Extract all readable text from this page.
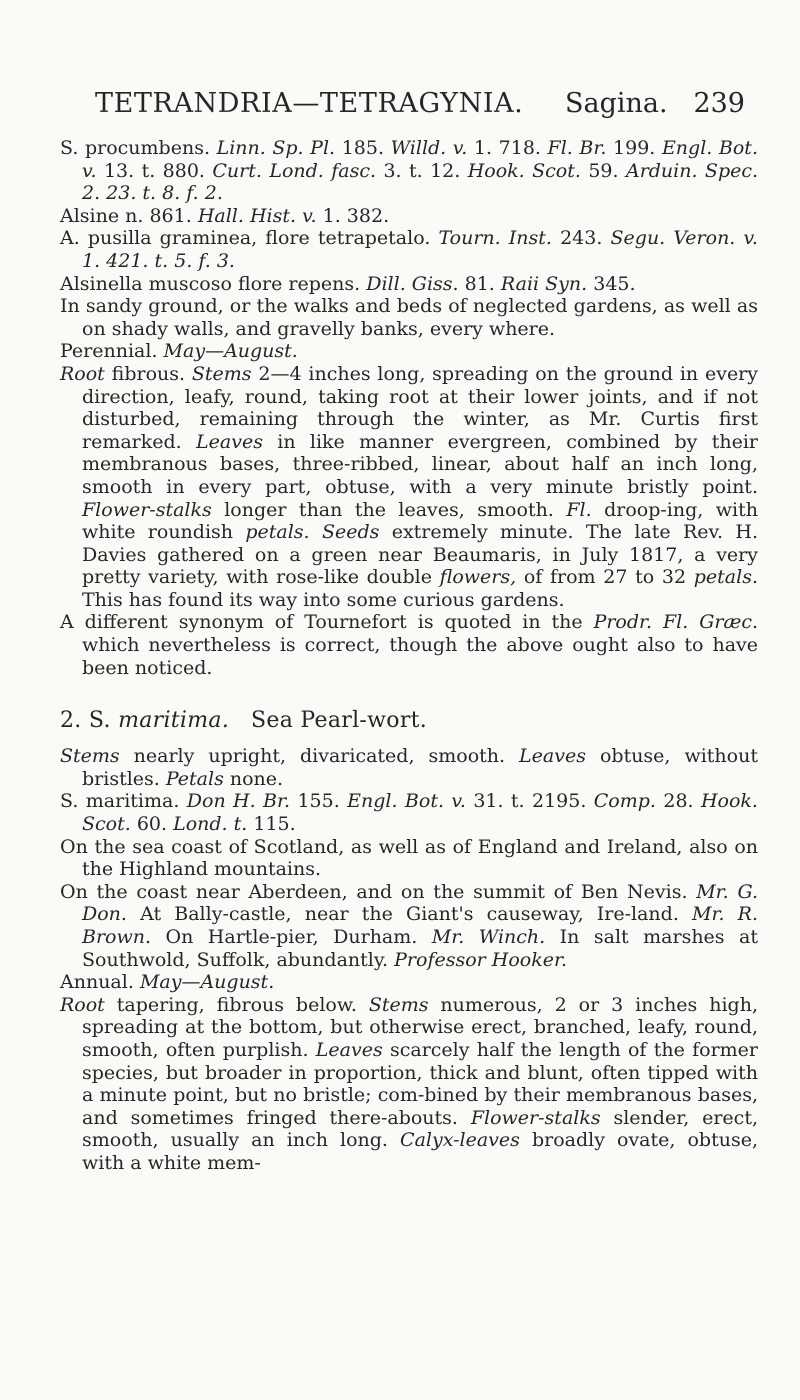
TETRANDRIA—TETRAGYNIA. Sagina. 239

S. procumbens. Linn. Sp. Pl. 185. Willd. v. 1. 718. Fl. Br. 199. Engl. Bot. v. 13. t. 880. Curt. Lond. fasc. 3. t. 12. Hook. Scot. 59. Arduin. Spec. 2. 23. t. 8. f. 2.

Alsine n. 861. Hall. Hist. v. 1. 382.

A. pusilla graminea, flore tetrapetalo. Tourn. Inst. 243. Segu. Veron. v. 1. 421. t. 5. f. 3.

Alsinella muscoso flore repens. Dill. Giss. 81. Raii Syn. 345.

In sandy ground, or the walks and beds of neglected gardens, as well as on shady walls, and gravelly banks, every where.

Perennial. May—August.

Root fibrous. Stems 2—4 inches long, spreading on the ground in every direction, leafy, round, taking root at their lower joints, and if not disturbed, remaining through the winter, as Mr. Curtis first remarked. Leaves in like manner evergreen, combined by their membranous bases, three-ribbed, linear, about half an inch long, smooth in every part, obtuse, with a very minute bristly point. Flower-stalks longer than the leaves, smooth. Fl. droop-ing, with white roundish petals. Seeds extremely minute. The late Rev. H. Davies gathered on a green near Beaumaris, in July 1817, a very pretty variety, with rose-like double flowers, of from 27 to 32 petals. This has found its way into some curious gardens.

A different synonym of Tournefort is quoted in the Prodr. Fl. Græc. which nevertheless is correct, though the above ought also to have been noticed.

2. S. maritima. Sea Pearl-wort.

Stems nearly upright, divaricated, smooth. Leaves obtuse, without bristles. Petals none.

S. maritima. Don H. Br. 155. Engl. Bot. v. 31. t. 2195. Comp. 28. Hook. Scot. 60. Lond. t. 115.

On the sea coast of Scotland, as well as of England and Ireland, also on the Highland mountains.

On the coast near Aberdeen, and on the summit of Ben Nevis. Mr. G. Don. At Bally-castle, near the Giant's causeway, Ire-land. Mr. R. Brown. On Hartle-pier, Durham. Mr. Winch. In salt marshes at Southwold, Suffolk, abundantly. Professor Hooker.

Annual. May—August.

Root tapering, fibrous below. Stems numerous, 2 or 3 inches high, spreading at the bottom, but otherwise erect, branched, leafy, round, smooth, often purplish. Leaves scarcely half the length of the former species, but broader in proportion, thick and blunt, often tipped with a minute point, but no bristle; com-bined by their membranous bases, and sometimes fringed there-abouts. Flower-stalks slender, erect, smooth, usually an inch long. Calyx-leaves broadly ovate, obtuse, with a white mem-
